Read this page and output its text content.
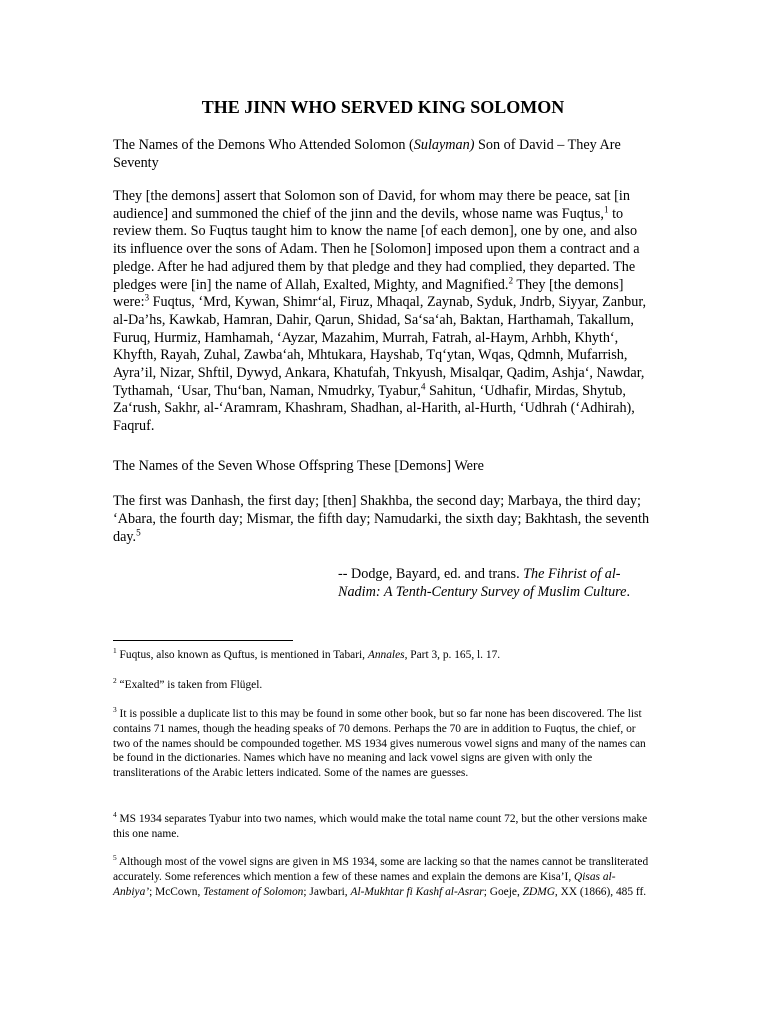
THE JINN WHO SERVED KING SOLOMON

The Names of the Demons Who Attended Solomon (Sulayman) Son of David – They Are Seventy

They [the demons] assert that Solomon son of David, for whom may there be peace, sat [in audience] and summoned the chief of the jinn and the devils, whose name was Fuqtus,$^1$ to review them. So Fuqtus taught him to know the name [of each demon], one by one, and also its influence over the sons of Adam. Then he [Solomon] imposed upon them a contract and a pledge. After he had adjured them by that pledge and they had complied, they departed. The pledges were [in] the name of Allah, Exalted, Mighty, and Magnified.$^2$ They [the demons] were:$^3$ Fuqtus, ‘Mrd, Kywan, Shimr‘al, Firuz, Mhaqal, Zaynab, Syduk, Jndrb, Siyyar, Zanbur, al-Da’hs, Kawkab, Hamran, Dahir, Qarun, Shidad, Sa‘sa‘ah, Baktan, Harthamah, Takallum, Furuq, Hurmiz, Hamhamah, ‘Ayzar, Mazahim, Murrah, Fatrah, al-Haym, Arhbh, Khyth‘, Khyfth, Rayah, Zuhal, Zawba‘ah, Mhtukara, Hayshab, Tq‘ytan, Wqas, Qdmnh, Mufarrish, Ayra’il, Nizar, Shftil, Dywyd, Ankara, Khatufah, Tnkyush, Misalqar, Qadim, Ashja‘, Nawdar, Tythamah, ‘Usar, Thu‘ban, Naman, Nmudrky, Tyabur,$^4$ Sahitun, ‘Udhafir, Mirdas, Shytub, Za‘rush, Sakhr, al-‘Aramram, Khashram, Shadhan, al-Harith, al-Hurth, ‘Udhrah (‘Adhirah), Faqruf.

The Names of the Seven Whose Offspring These [Demons] Were

The first was Danhash, the first day; [then] Shakhba, the second day; Marbaya, the third day; ‘Abara, the fourth day; Mismar, the fifth day; Namudarki, the sixth day; Bakhtash, the seventh day.$^5$

-- Dodge, Bayard, ed. and trans. The Fihrist of al-Nadim: A Tenth-Century Survey of Muslim Culture.

$^1$ Fuqtus, also known as Quftus, is mentioned in Tabari, Annales, Part 3, p. 165, l. 17.

$^2$ “Exalted” is taken from Flügel.

$^3$ It is possible a duplicate list to this may be found in some other book, but so far none has been discovered. The list contains 71 names, though the heading speaks of 70 demons. Perhaps the 70 are in addition to Fuqtus, the chief, or two of the names should be compounded together. MS 1934 gives numerous vowel signs and many of the names can be found in the dictionaries. Names which have no meaning and lack vowel signs are given with only the transliterations of the Arabic letters indicated. Some of the names are guesses.

$^4$ MS 1934 separates Tyabur into two names, which would make the total name count 72, but the other versions make this one name.

$^5$ Although most of the vowel signs are given in MS 1934, some are lacking so that the names cannot be transliterated accurately. Some references which mention a few of these names and explain the demons are Kisa’I, Qisas al-Anbiya’; McCown, Testament of Solomon; Jawbari, Al-Mukhtar fi Kashf al-Asrar; Goeje, ZDMG, XX (1866), 485 ff.
